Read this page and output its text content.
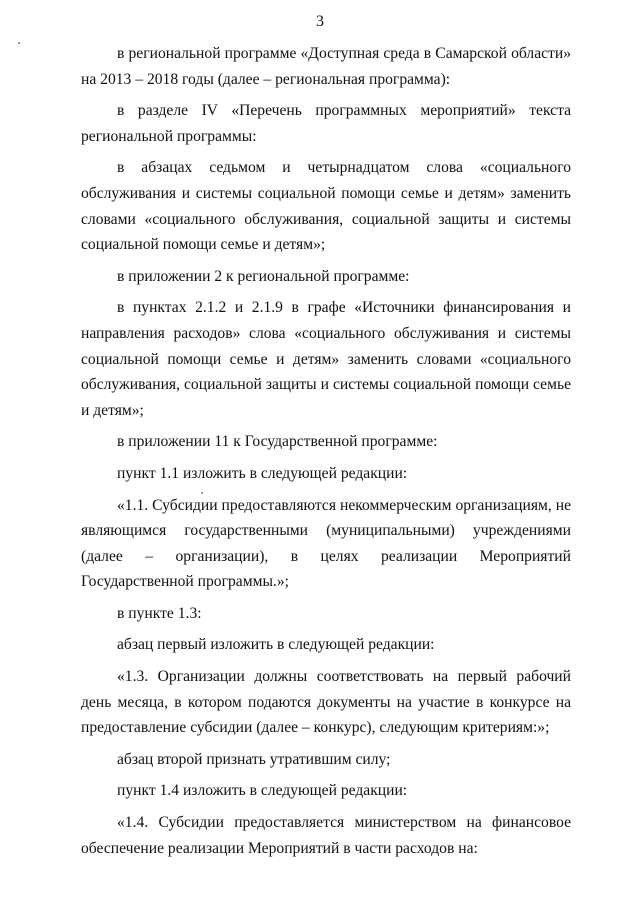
3

в региональной программе «Доступная среда в Самарской области» на 2013 – 2018 годы (далее – региональная программа):

в разделе IV «Перечень программных мероприятий» текста региональной программы:

в абзацах седьмом и четырнадцатом слова «социального обслуживания и системы социальной помощи семье и детям» заменить словами «социального обслуживания, социальной защиты и системы социальной помощи семье и детям»;

в приложении 2 к региональной программе:

в пунктах 2.1.2 и 2.1.9 в графе «Источники финансирования и направления расходов» слова «социального обслуживания и системы социальной помощи семье и детям» заменить словами «социального обслуживания, социальной защиты и системы социальной помощи семье и детям»;

в приложении 11 к Государственной программе:

пункт 1.1 изложить в следующей редакции:

«1.1. Субсидии предоставляются некоммерческим организациям, не являющимся государственными (муниципальными) учреждениями (далее – организации), в целях реализации Мероприятий Государственной программы.»;

в пункте 1.3:

абзац первый изложить в следующей редакции:

«1.3. Организации должны соответствовать на первый рабочий день месяца, в котором подаются документы на участие в конкурсе на предоставление субсидии (далее – конкурс), следующим критериям:»;

абзац второй признать утратившим силу;

пункт 1.4 изложить в следующей редакции:

«1.4. Субсидии предоставляется министерством на финансовое обеспечение реализации Мероприятий в части расходов на:
